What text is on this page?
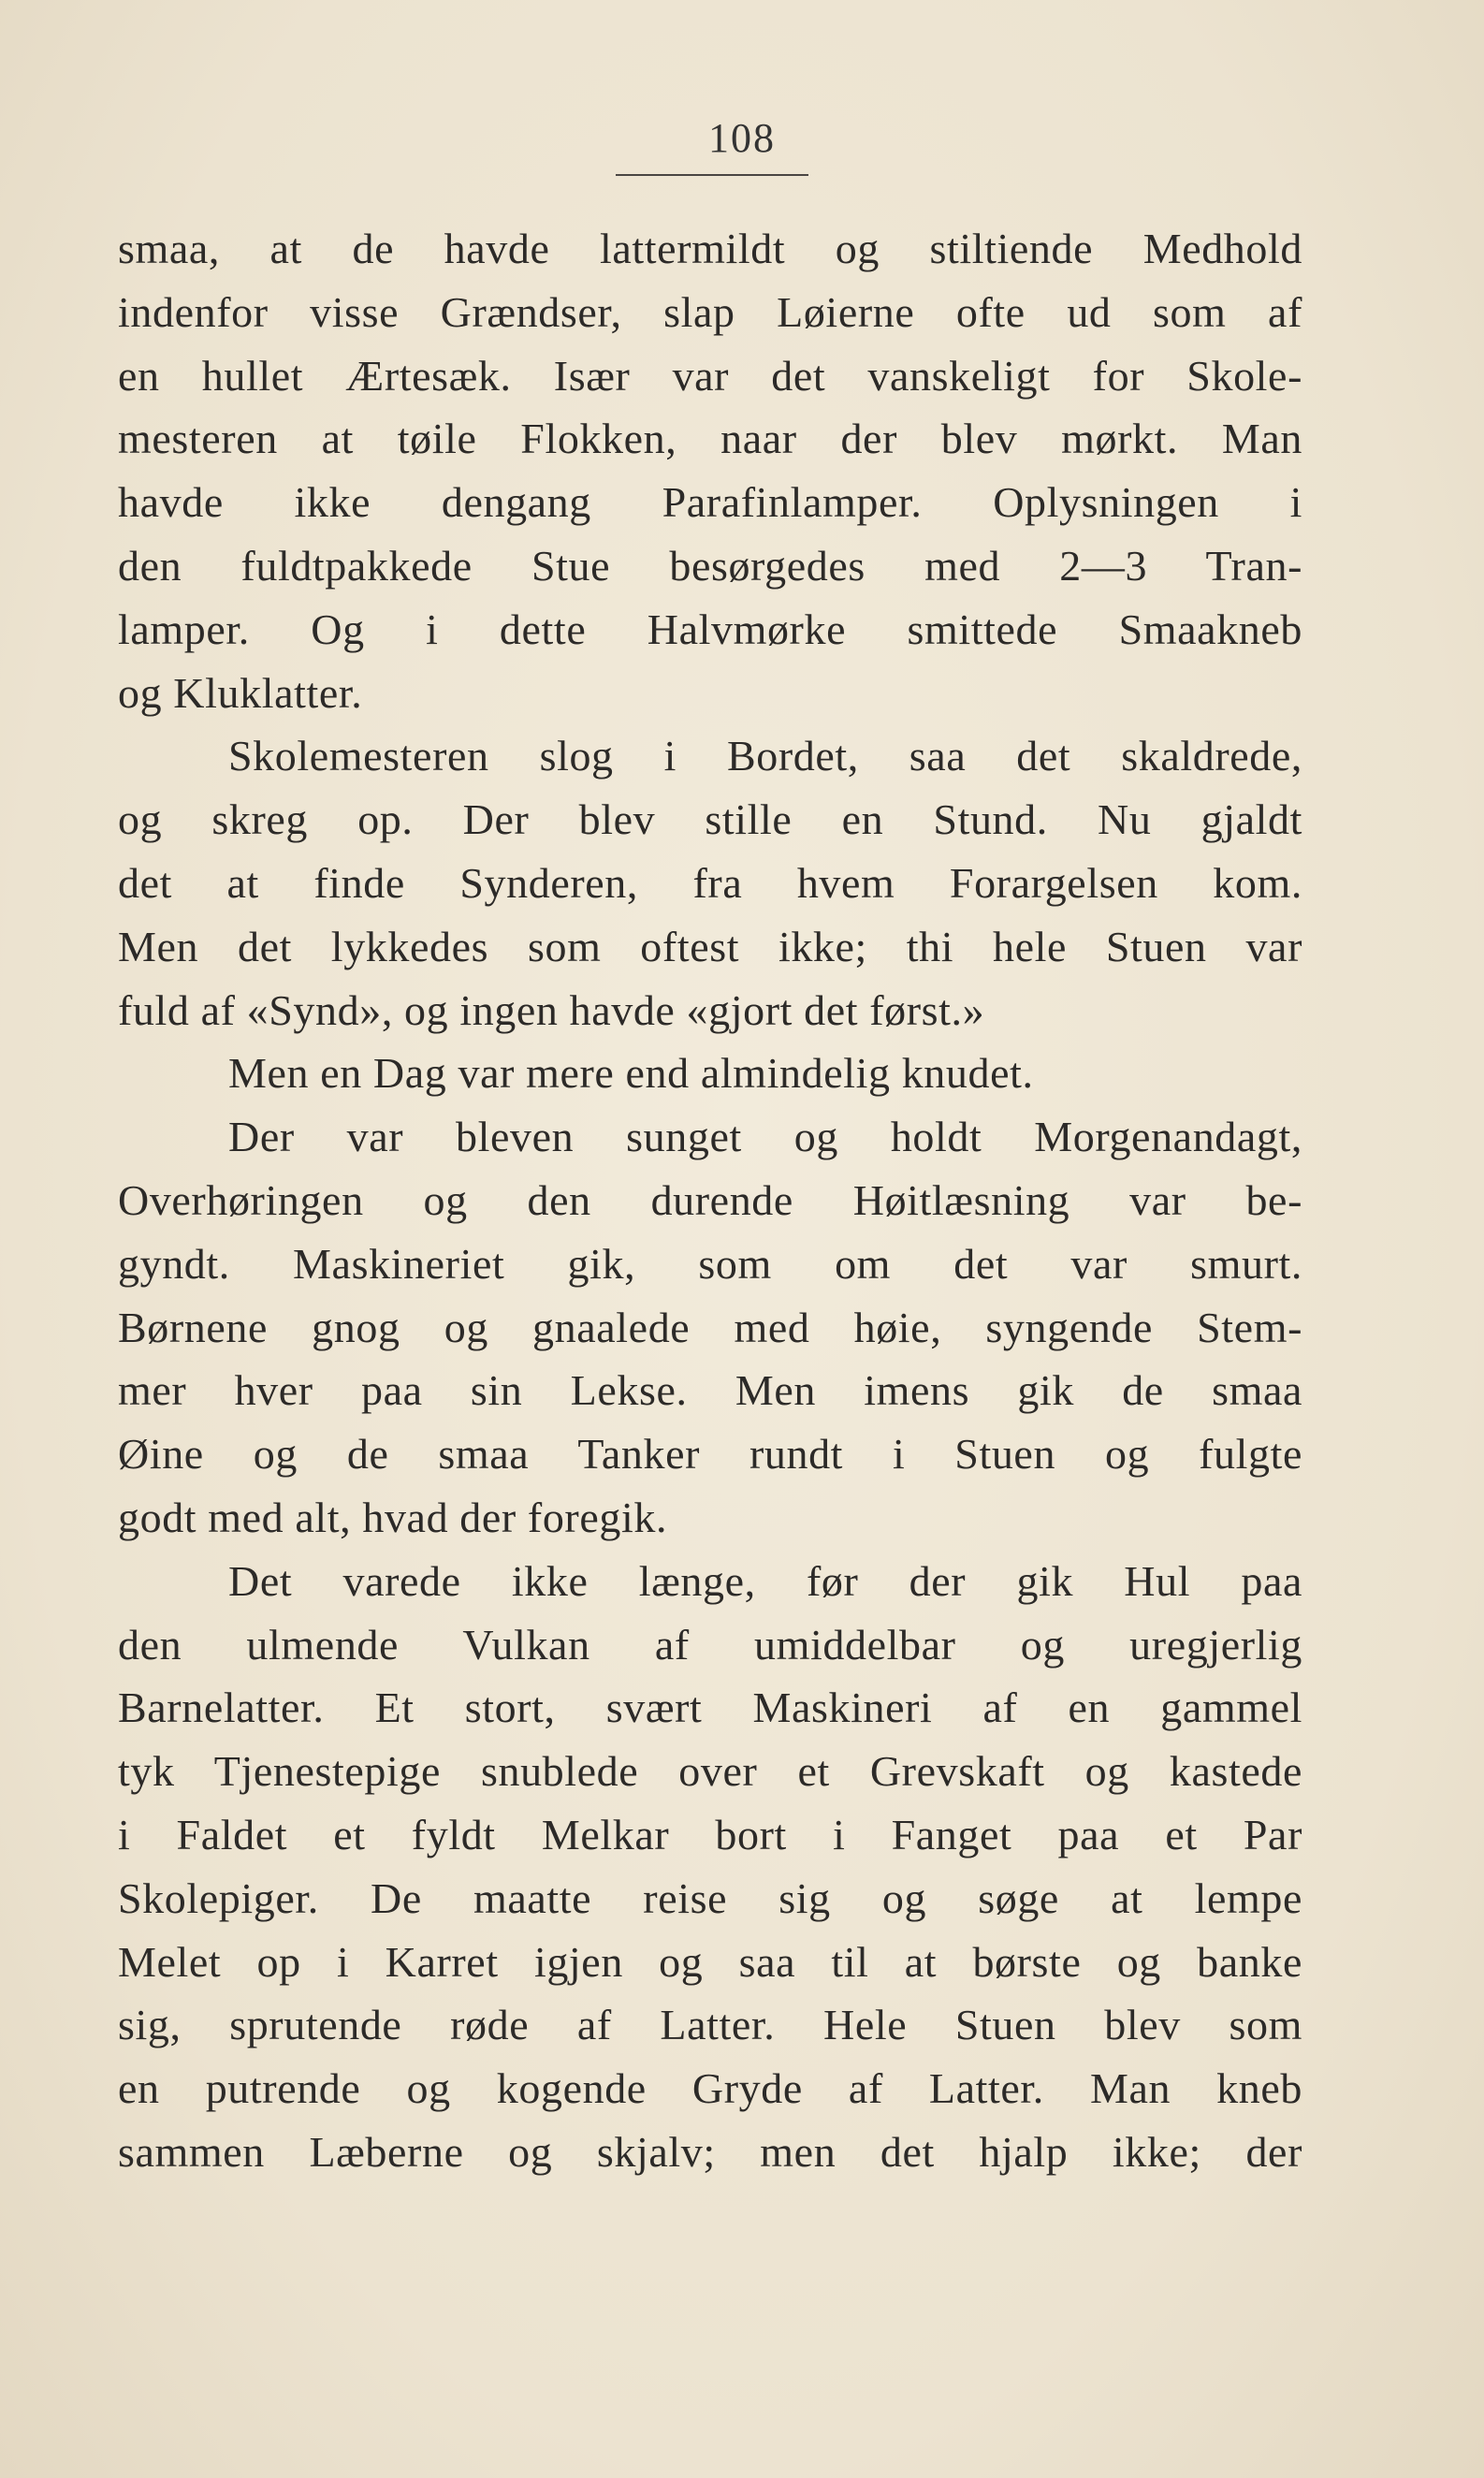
108
smaa, at de havde lattermildt og stiltiende Medhold
indenfor visse Grændser, slap Løierne ofte ud som af
en hullet Ærtesæk. Især var det vanskeligt for Skole-
mesteren at tøile Flokken, naar der blev mørkt. Man
havde ikke dengang Parafinlamper. Oplysningen i
den fuldtpakkede Stue besørgedes med 2—3 Tran-
lamper. Og i dette Halvmørke smittede Smaakneb
og Kluklatter.
Skolemesteren slog i Bordet, saa det skaldrede,
og skreg op. Der blev stille en Stund. Nu gjaldt
det at finde Synderen, fra hvem Forargelsen kom.
Men det lykkedes som oftest ikke; thi hele Stuen var
fuld af «Synd», og ingen havde «gjort det først.»
Men en Dag var mere end almindelig knudet.
Der var bleven sunget og holdt Morgenandagt,
Overhøringen og den durende Høitlæsning var be-
gyndt. Maskineriet gik, som om det var smurt.
Børnene gnog og gnaalede med høie, syngende Stem-
mer hver paa sin Lekse. Men imens gik de smaa
Øine og de smaa Tanker rundt i Stuen og fulgte
godt med alt, hvad der foregik.
Det varede ikke længe, før der gik Hul paa
den ulmende Vulkan af umiddelbar og uregjerlig
Barnelatter. Et stort, svært Maskineri af en gammel
tyk Tjenestepige snublede over et Grevskaft og kastede
i Faldet et fyldt Melkar bort i Fanget paa et Par
Skolepiger. De maatte reise sig og søge at lempe
Melet op i Karret igjen og saa til at børste og banke
sig, sprutende røde af Latter. Hele Stuen blev som
en putrende og kogende Gryde af Latter. Man kneb
sammen Læberne og skjalv; men det hjalp ikke; der
